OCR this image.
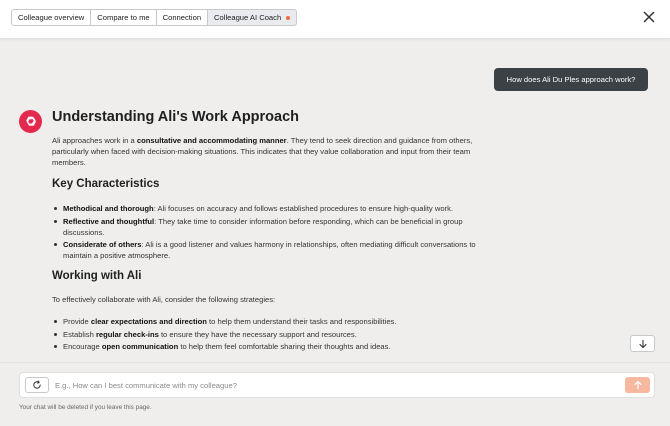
Colleague overview Compare to me Connection Colleague AI Coach
How does Ali Du Ples approach work?
Understanding Ali's Work Approach
Ali approaches work in a consultative and accommodating manner. They tend to seek direction and guidance from others, particularly when faced with decision-making situations. This indicates that they value collaboration and input from their team members.
Key Characteristics
Methodical and thorough: Ali focuses on accuracy and follows established procedures to ensure high-quality work.
Reflective and thoughtful: They take time to consider information before responding, which can be beneficial in group discussions.
Considerate of others: Ali is a good listener and values harmony in relationships, often mediating difficult conversations to maintain a positive atmosphere.
Working with Ali
To effectively collaborate with Ali, consider the following strategies:
Provide clear expectations and direction to help them understand their tasks and responsibilities.
Establish regular check-ins to ensure they have the necessary support and resources.
Encourage open communication to help them feel comfortable sharing their thoughts and ideas.
E.g., How can I best communicate with my colleague?
Your chat will be deleted if you leave this page.
